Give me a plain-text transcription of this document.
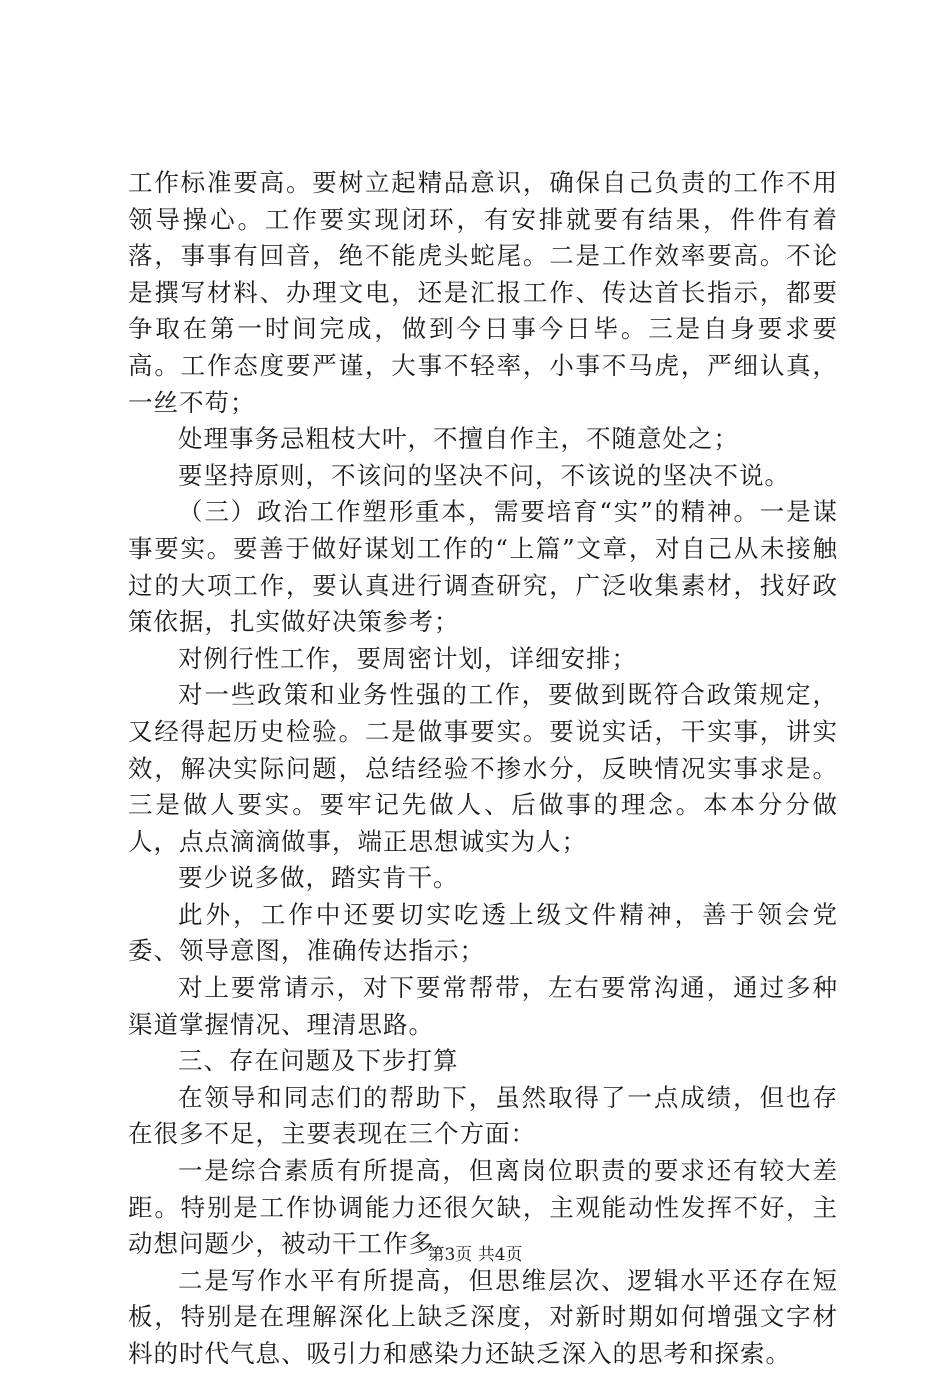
工作标准要高。要树立起精品意识，确保自己负责的工作不用领导操心。工作要实现闭环，有安排就要有结果，件件有着落，事事有回音，绝不能虎头蛇尾。二是工作效率要高。不论是撰写材料、办理文电，还是汇报工作、传达首长指示，都要争取在第一时间完成，做到今日事今日毕。三是自身要求要高。工作态度要严谨，大事不轻率，小事不马虎，严细认真，一丝不苟；

处理事务忌粗枝大叶，不擅自作主，不随意处之；

要坚持原则，不该问的坚决不问，不该说的坚决不说。

（三）政治工作塑形重本，需要培育“实”的精神。一是谋事要实。要善于做好谋划工作的“上篇”文章，对自己从未接触过的大项工作，要认真进行调查研究，广泛收集素材，找好政策依据，扎实做好决策参考；

对例行性工作，要周密计划，详细安排；

对一些政策和业务性强的工作，要做到既符合政策规定，又经得起历史检验。二是做事要实。要说实话，干实事，讲实效，解决实际问题，总结经验不掺水分，反映情况实事求是。三是做人要实。要牢记先做人、后做事的理念。本本分分做人，点点滴滴做事，端正思想诚实为人；

要少说多做，踏实肯干。

此外，工作中还要切实吃透上级文件精神，善于领会党委、领导意图，准确传达指示；

对上要常请示，对下要常帮带，左右要常沟通，通过多种渠道掌握情况、理清思路。

三、存在问题及下步打算

在领导和同志们的帮助下，虽然取得了一点成绩，但也存在很多不足，主要表现在三个方面：

一是综合素质有所提高，但离岗位职责的要求还有较大差距。特别是工作协调能力还很欠缺，主观能动性发挥不好，主动想问题少，被动干工作多。

二是写作水平有所提高，但思维层次、逻辑水平还存在短板，特别是在理解深化上缺乏深度，对新时期如何增强文字材料的时代气息、吸引力和感染力还缺乏深入的思考和探索。

第3页 共4页
